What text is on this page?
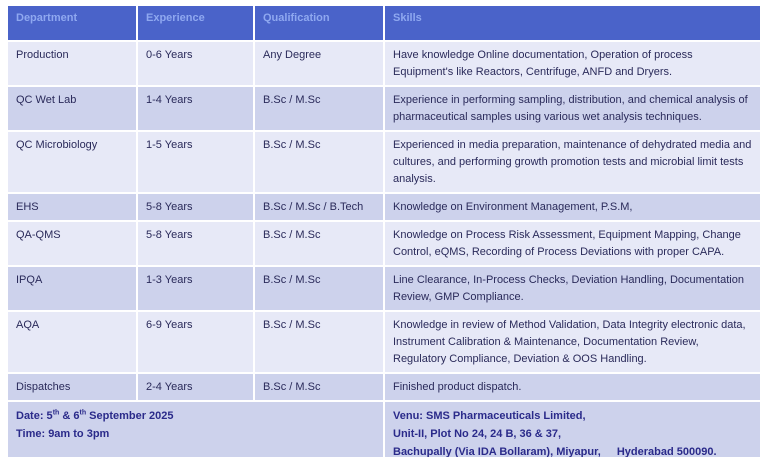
Department	Experience	Qualification	Skills
Production	0-6 Years	Any Degree	Have knowledge Online documentation, Operation of process Equipment's like Reactors, Centrifuge, ANFD and Dryers.
QC Wet Lab	1-4 Years	B.Sc / M.Sc	Experience in performing sampling, distribution, and chemical analysis of pharmaceutical samples using various wet analysis techniques.
QC Microbiology	1-5 Years	B.Sc / M.Sc	Experienced in media preparation, maintenance of dehydrated media and cultures, and performing growth promotion tests and microbial limit tests analysis.
EHS	5-8 Years	B.Sc / M.Sc / B.Tech	Knowledge on Environment Management, P.S.M,
QA-QMS	5-8 Years	B.Sc / M.Sc	Knowledge on Process Risk Assessment, Equipment Mapping, Change Control, eQMS, Recording of Process Deviations with proper CAPA.
IPQA	1-3 Years	B.Sc / M.Sc	Line Clearance, In-Process Checks, Deviation Handling, Documentation Review, GMP Compliance.
AQA	6-9 Years	B.Sc / M.Sc	Knowledge in review of Method Validation, Data Integrity electronic data, Instrument Calibration & Maintenance, Documentation Review, Regulatory Compliance, Deviation & OOS Handling.
Dispatches	2-4 Years	B.Sc / M.Sc	Finished product dispatch.

Date: 5th & 6th September 2025
Time: 9am to 3pm			Venu: SMS Pharmaceuticals Limited,
Unit-II, Plot No 24, 24 B, 36 & 37,
Bachupally (Via IDA Bollaram), Miyapur, Hyderabad 500090.
